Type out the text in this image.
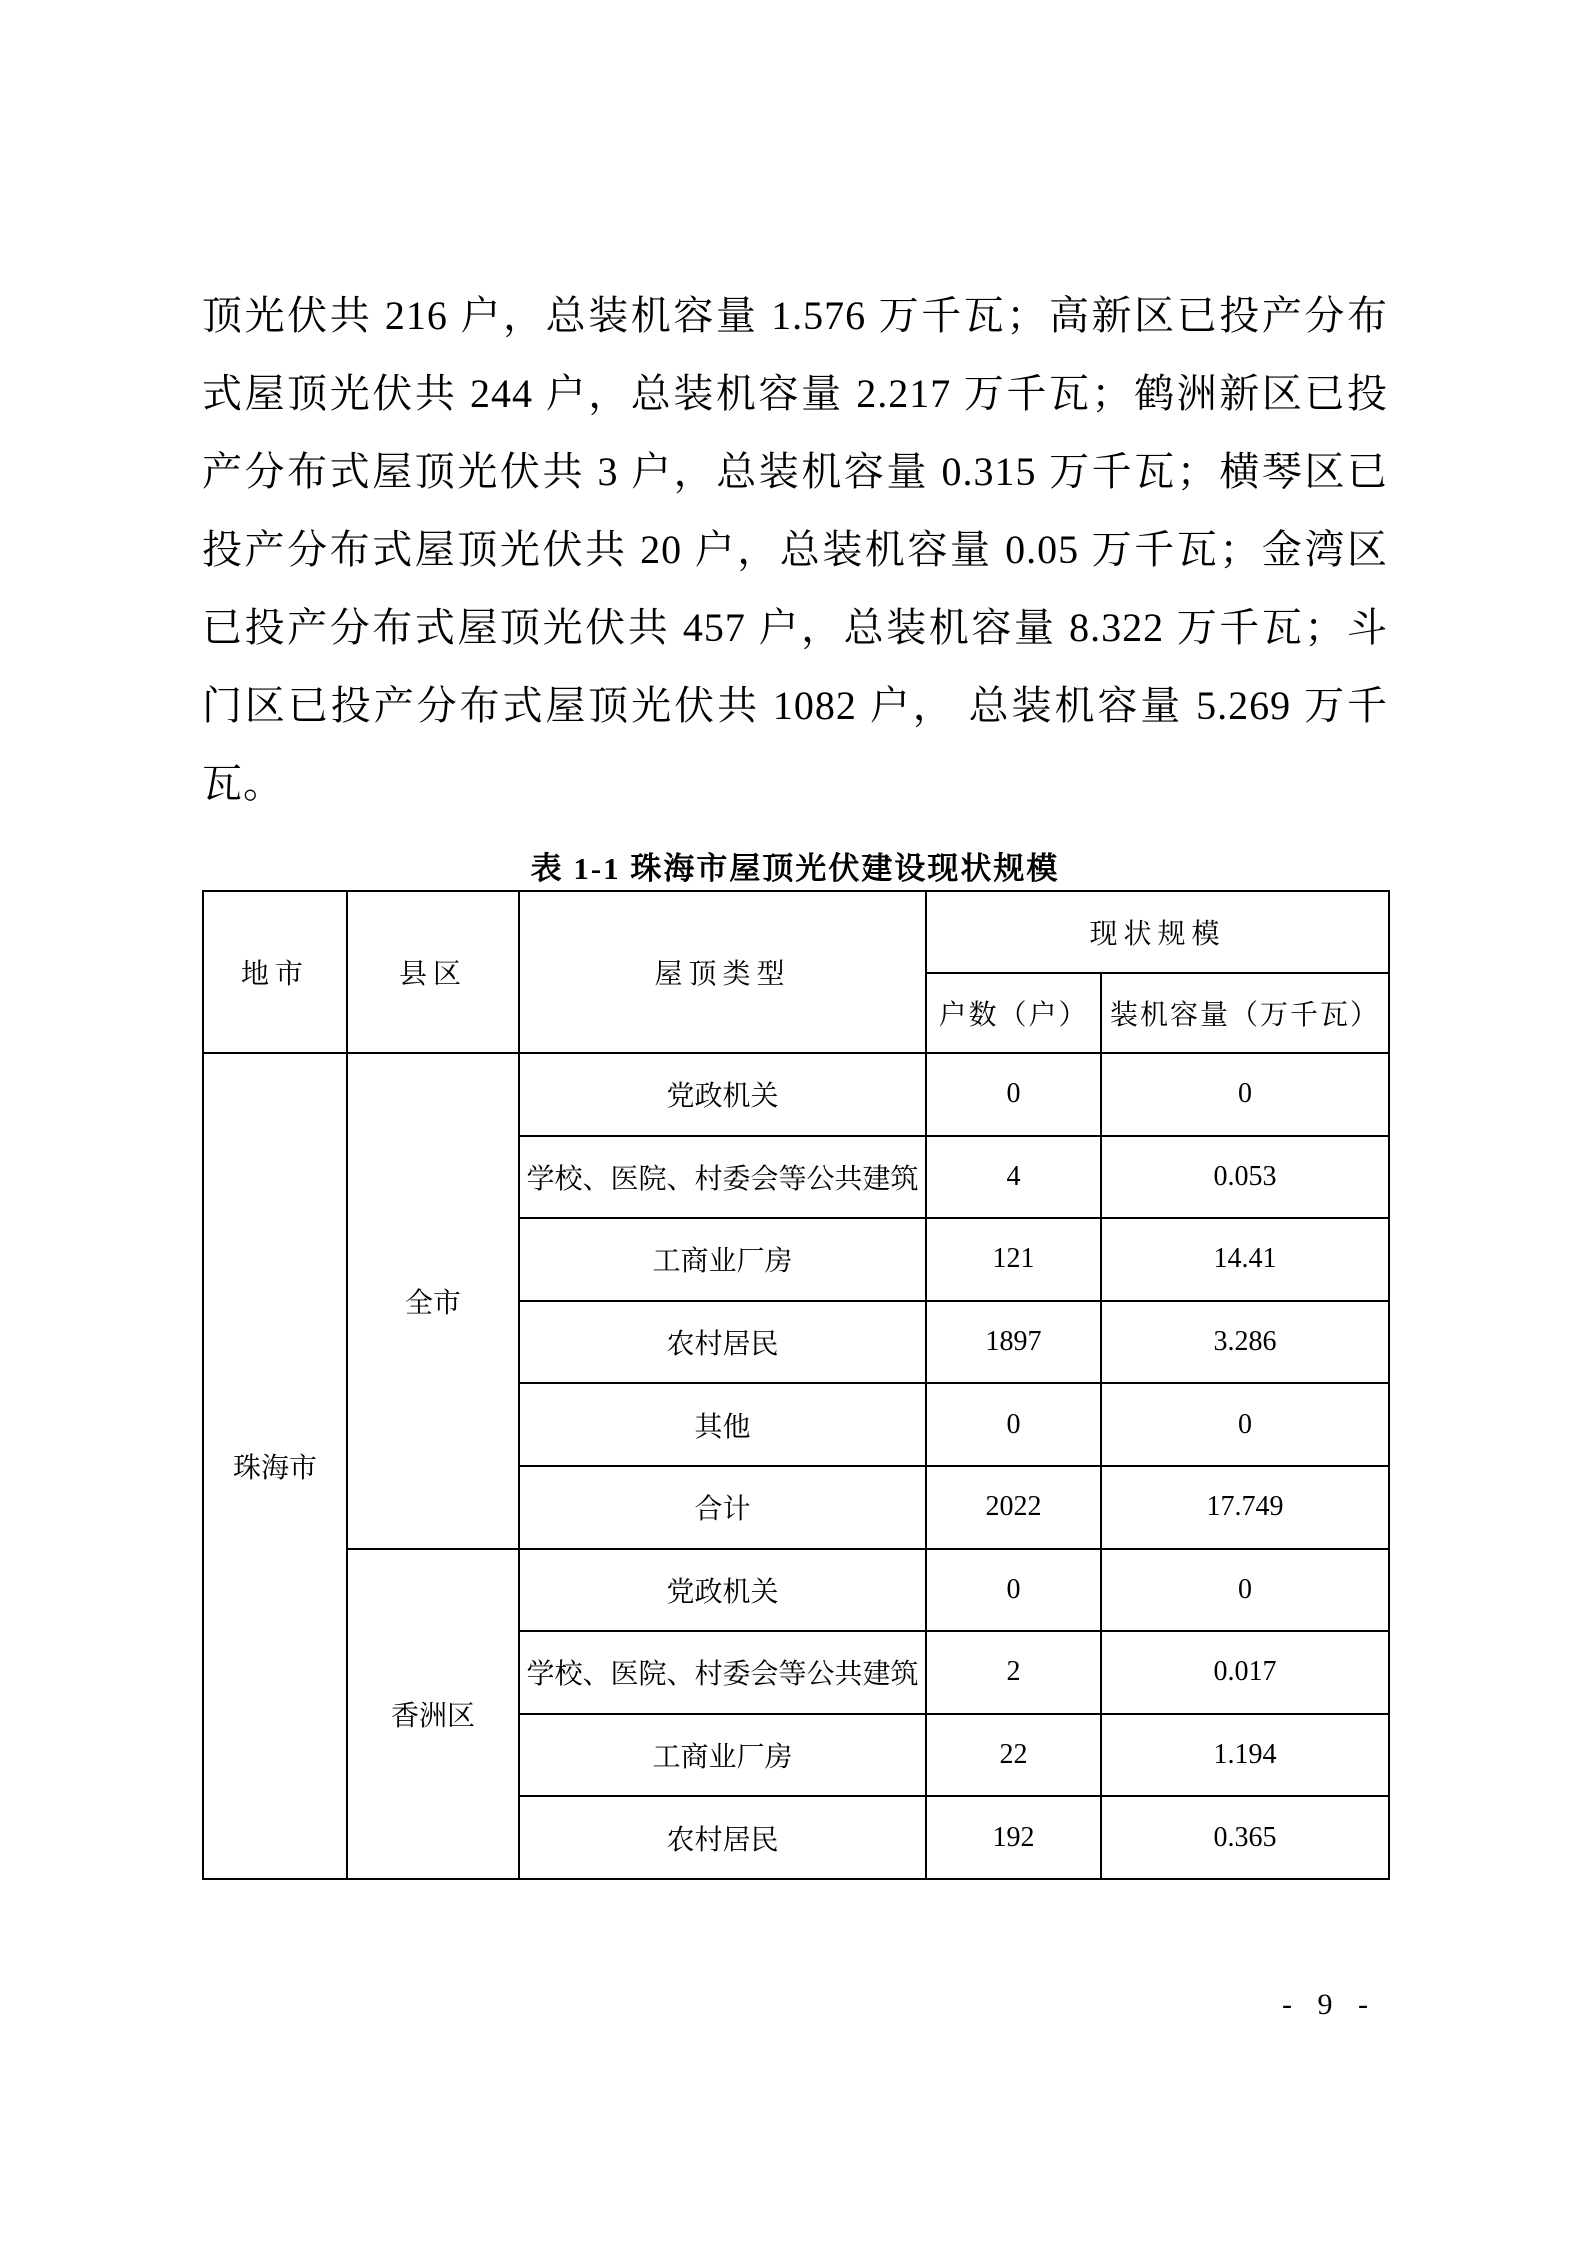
顶光伏共 216 户，总装机容量 1.576 万千瓦；高新区已投产分布
式屋顶光伏共 244 户，总装机容量 2.217 万千瓦；鹤洲新区已投
产分布式屋顶光伏共 3 户，总装机容量 0.315 万千瓦；横琴区已
投产分布式屋顶光伏共 20 户，总装机容量 0.05 万千瓦；金湾区
已投产分布式屋顶光伏共 457 户，总装机容量 8.322 万千瓦；斗
门区已投产分布式屋顶光伏共 1082 户， 总装机容量 5.269 万千
瓦。
表 1-1 珠海市屋顶光伏建设现状规模
地市	县区	屋顶类型	现状规模	
			户数（户）	装机容量（万千瓦）
珠海市	全市	党政机关	0	0
		学校、医院、村委会等公共建筑	4	0.053
		工商业厂房	121	14.41
		农村居民	1897	3.286
		其他	0	0
		合计	2022	17.749
	香洲区	党政机关	0	0
		学校、医院、村委会等公共建筑	2	0.017
		工商业厂房	22	1.194
		农村居民	192	0.365
- 9 -
